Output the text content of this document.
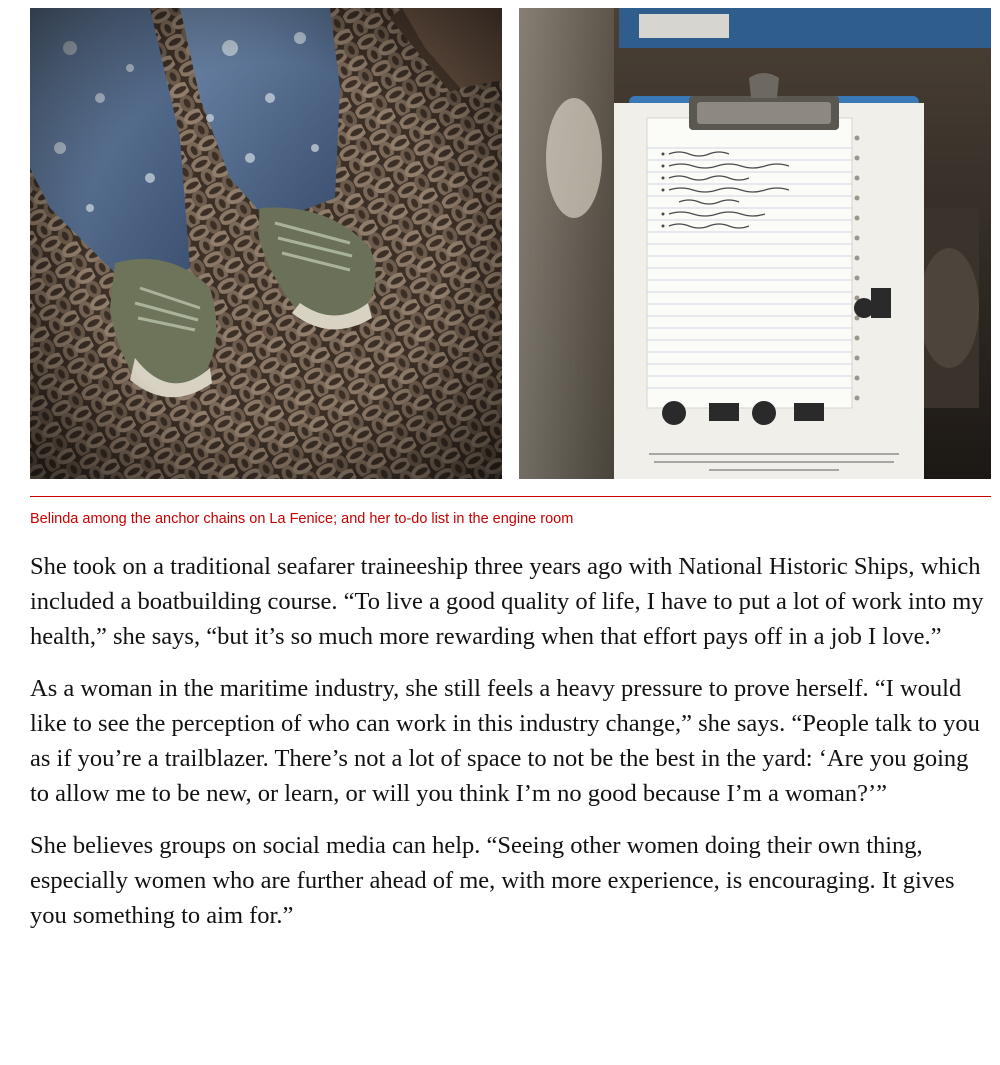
Belinda among the anchor chains on La Fenice; and her to-do list in the engine room

She took on a traditional seafarer traineeship three years ago with National Historic Ships, which included a boatbuilding course. “To live a good quality of life, I have to put a lot of work into my health,” she says, “but it’s so much more rewarding when that effort pays off in a job I love.”

As a woman in the maritime industry, she still feels a heavy pressure to prove herself. “I would like to see the perception of who can work in this industry change,” she says. “People talk to you as if you’re a trailblazer. There’s not a lot of space to not be the best in the yard: ‘Are you going to allow me to be new, or learn, or will you think I’m no good because I’m a woman?’”

She believes groups on social media can help. “Seeing other women doing their own thing, especially women who are further ahead of me, with more experience, is encouraging. It gives you something to aim for.”
